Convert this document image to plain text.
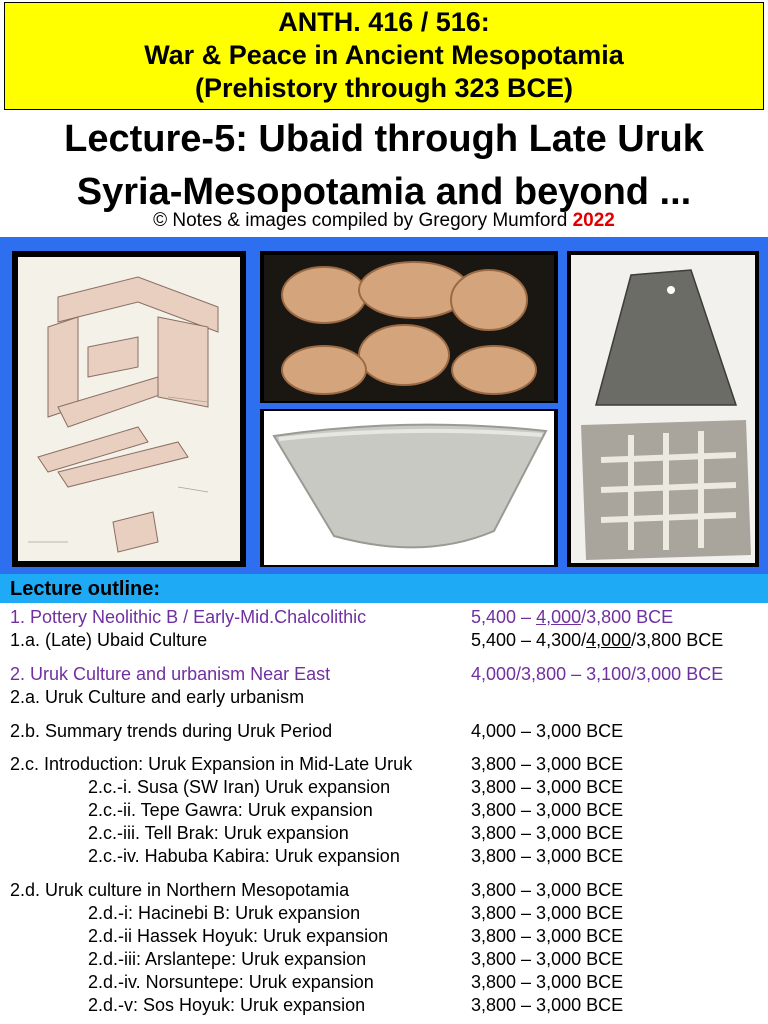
ANTH. 416 / 516:
War & Peace in Ancient Mesopotamia
(Prehistory through 323 BCE)
Lecture-5: Ubaid through Late Uruk
Syria-Mesopotamia and beyond ...
© Notes & images compiled by Gregory Mumford 2022
Lecture outline:
1. Pottery Neolithic B / Early-Mid.Chalcolithic	5,400 – 4,000/3,800 BCE
1.a. (Late) Ubaid Culture	5,400 – 4,300/4,000/3,800 BCE
2. Uruk Culture and urbanism Near East	4,000/3,800 – 3,100/3,000 BCE
2.a. Uruk Culture and early urbanism
2.b. Summary trends during Uruk Period	4,000 – 3,000 BCE
2.c. Introduction: Uruk Expansion in Mid-Late Uruk	3,800 – 3,000 BCE
2.c.-i. Susa (SW Iran) Uruk expansion	3,800 – 3,000 BCE
2.c.-ii. Tepe Gawra: Uruk expansion	3,800 – 3,000 BCE
2.c.-iii. Tell Brak: Uruk expansion	3,800 – 3,000 BCE
2.c.-iv. Habuba Kabira: Uruk expansion	3,800 – 3,000 BCE
2.d. Uruk culture in Northern Mesopotamia	3,800 – 3,000 BCE
2.d.-i: Hacinebi B: Uruk expansion	3,800 – 3,000 BCE
2.d.-ii Hassek Hoyuk: Uruk expansion	3,800 – 3,000 BCE
2.d.-iii: Arslantepe: Uruk expansion	3,800 – 3,000 BCE
2.d.-iv. Norsuntepe: Uruk expansion	3,800 – 3,000 BCE
2.d.-v: Sos Hoyuk: Uruk expansion	3,800 – 3,000 BCE
